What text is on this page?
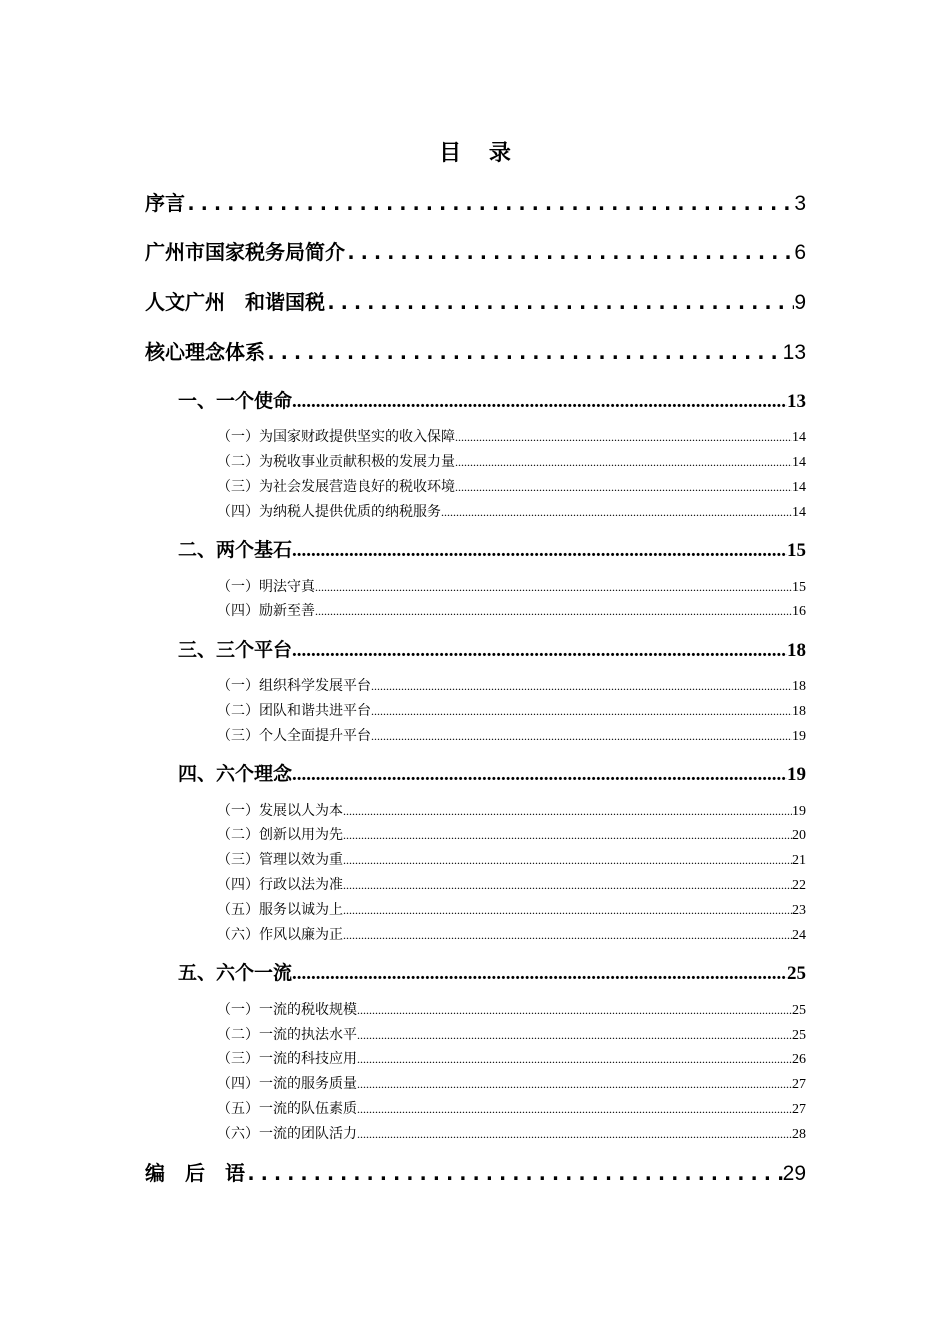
目 录
序言 .....	3
广州市国家税务局简介 .....	6
人文广州　和谐国税 .....	9
核心理念体系 .....	13
一、一个使命 .....	13
（一）为国家财政提供坚实的收入保障 .....	14
（二）为税收事业贡献积极的发展力量 .....	14
（三）为社会发展营造良好的税收环境 .....	14
（四）为纳税人提供优质的纳税服务 .....	14
二、两个基石 .....	15
（一）明法守真 .....	15
（四）励新至善 .....	16
三、三个平台 .....	18
（一）组织科学发展平台 .....	18
（二）团队和谐共进平台 .....	18
（三）个人全面提升平台 .....	19
四、六个理念 .....	19
（一）发展以人为本 .....	19
（二）创新以用为先 .....	20
（三）管理以效为重 .....	21
（四）行政以法为准 .....	22
（五）服务以诚为上 .....	23
（六）作风以廉为正 .....	24
五、六个一流 .....	25
（一）一流的税收规模 .....	25
（二）一流的执法水平 .....	25
（三）一流的科技应用 .....	26
（四）一流的服务质量 .....	27
（五）一流的队伍素质 .....	27
（六）一流的团队活力 .....	28
编　后　语 .....	29
